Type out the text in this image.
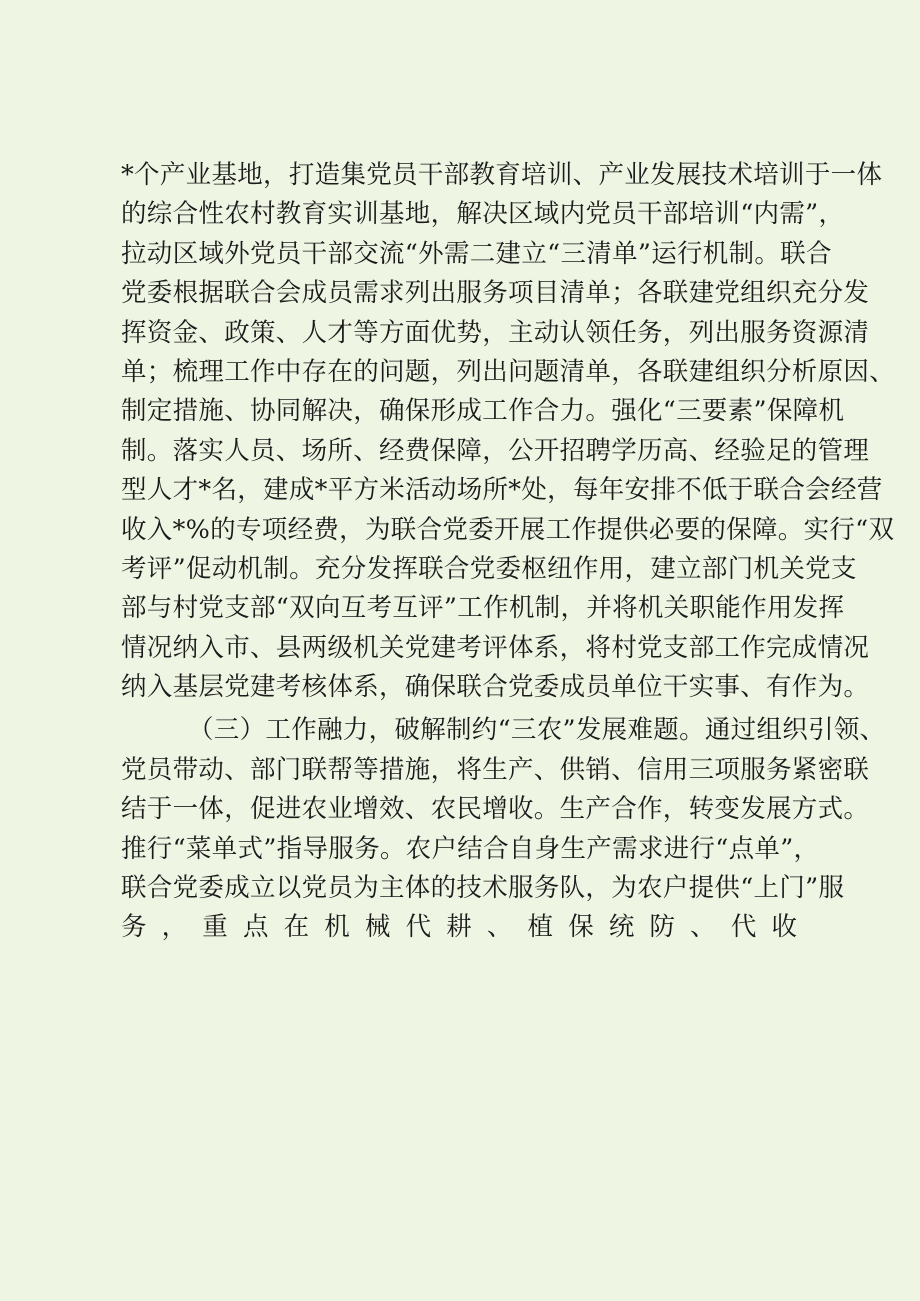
*个产业基地，打造集党员干部教育培训、产业发展技术培训于一体
的综合性农村教育实训基地，解决区域内党员干部培训“内需”，
拉动区域外党员干部交流“外需二建立“三清单”运行机制。联合
党委根据联合会成员需求列出服务项目清单；各联建党组织充分发
挥资金、政策、人才等方面优势，主动认领任务，列出服务资源清
单；梳理工作中存在的问题，列出问题清单，各联建组织分析原因、
制定措施、协同解决，确保形成工作合力。强化“三要素”保障机
制。落实人员、场所、经费保障，公开招聘学历高、经验足的管理
型人才*名，建成*平方米活动场所*处，每年安排不低于联合会经营
收入*%的专项经费，为联合党委开展工作提供必要的保障。实行“双
考评”促动机制。充分发挥联合党委枢纽作用，建立部门机关党支
部与村党支部“双向互考互评”工作机制，并将机关职能作用发挥
情况纳入市、县两级机关党建考评体系，将村党支部工作完成情况
纳入基层党建考核体系，确保联合党委成员单位干实事、有作为。
（三）工作融力，破解制约“三农”发展难题。通过组织引领、
党员带动、部门联帮等措施，将生产、供销、信用三项服务紧密联
结于一体，促进农业增效、农民增收。生产合作，转变发展方式。
推行“菜单式”指导服务。农户结合自身生产需求进行“点单”，
联合党委成立以党员为主体的技术服务队，为农户提供“上门”服
务，重点在机械代耕、植保统防、代收
